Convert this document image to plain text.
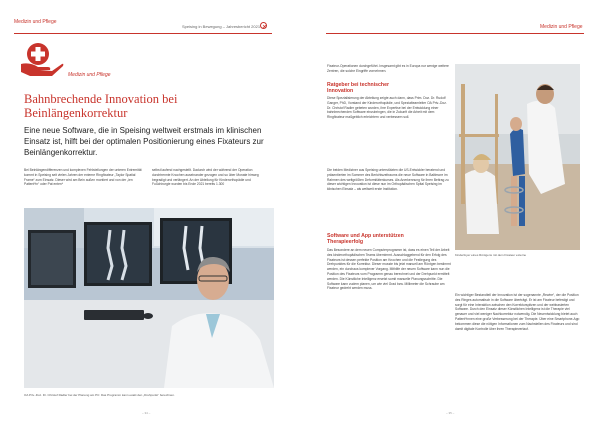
Medizin und Pflege
Speising in Bewegung – Jahresbericht 2021	Medizin und Pflege
Medizin und Pflege
Bahnbrechende Innovation bei
Beinlängenkorrektur
Eine neue Software, die in Speising weltweit erstmals im klinischen Einsatz ist, hilft bei der optimalen Positionierung eines Fixateurs zur Beinlängenkorrektur.
Bei Beinlängendifferenzen und komplexen Fehlstellungen der unteren Extremität kommt in Speising seit vielen Jahren der externe Ringfixateur „Taylor Spatial Frame“ zum Einsatz. Dieser wird am Bein außen montiert und von der „ien Patient*in“ oder Pat enten*
selbst laufend nachgestellt. Dadurch wird der während der Operation durchtrennte Knochen auseinander gezogen und so über Monate hinweg begradigt und verlängert. An der Abteilung für Kinderorthopädie und Fußchirurgie wurden bis Ende 2021 bereits 1.300
OA Priv.-Doz. Dr. Christof Radler bei der Planung am PC: Das Programm kann exakt den „Drehpunkt“ berechnen.
– 34 –
Fixateur-Operationen durchgeführt. Insgesamt gibt es in Europa nur wenige weitere Zentren, die solche Eingriffe vornehmen.
Ratgeber bei technischer
Innovation
Diese Spezialisierung der Abteilung zeigte auch dann, dass Prim. Doz. Dr. Rudolf Ganger, PhD, Vorstand der Kinderorthopädie, und Spezialteamleiter OA Priv.-Doz. Dr. Christof Radler gebeten wurden, ihre Expertise bei der Entwicklung einer bahnbrechenden Software einzubringen, die in Zukunft die Arbeit mit dem Ringfixateur maßgeblich erleichtern und verbessern soll.
Die beiden Mediziner aus Speising unterstützten die US-Entwickler beratend und präsentierten im Sommer des Berichtszeitraums die neue Software in Baltimore im Rahmen des weltgrößten Deformitätenkurses. Als Anerkennung für ihren Beitrag zu dieser wichtigen Innovation ist diese nun im Orthopädischen Spital Speising im klinischen Einsatz – als weltweit erste Institution.
Software und App unterstützen
Therapieerfolg
Das Besondere an dem neuen Computerprogramm ist, dass es einen Teil der Arbeit des kinderorthopädischen Teams übernimmt. Ausschlaggebend für den Erfolg des Fixateurs ist dessen perfekte Position am Knochen und die Festlegung des Drehpunktes für die Korrektur. Dieser musste bis jetzt manuell am Röntgen bestimmt werden, ein durchaus komplexer Vorgang. Mithilfe der neuen Software kann nun die Position des Fixateurs vom Programm genau berechnet und der Drehpunkt ermittelt werden. Die Künstliche Intelligenz ersetzt somit manuelle Planungsschritte. Die Software kann zudem planen, um wie viel Grad bzw. Millimeter die Schraube am Fixateur gedreht werden muss.
Kinderfoyer eines Röntgens mit dem Fixateur externe
Ein wichtiger Bestandteil der Innovation ist der sogenannte „Rewire“, der die Position des Ringes automatisch in die Software überträgt. Er ist am Fixateur befestigt und sorgt für eine Interaktion zwischen den Korrekturspitzen und der webbasierten Software. Durch den Einsatz dieser Künstlichen Intelligenz ist die Therapie viel genauer und viel weniger Nachkorrektur notwendig. Die Neuentwicklung bietet auch Patient*innen eine große Verbesserung bei der Therapie. Über eine Smartphone-App bekommen diese die nötigen Informationen zum Nachstellen des Fixateurs und sind damit digitale Kontrolle über ihren Therapieverlauf.
– 35 –
